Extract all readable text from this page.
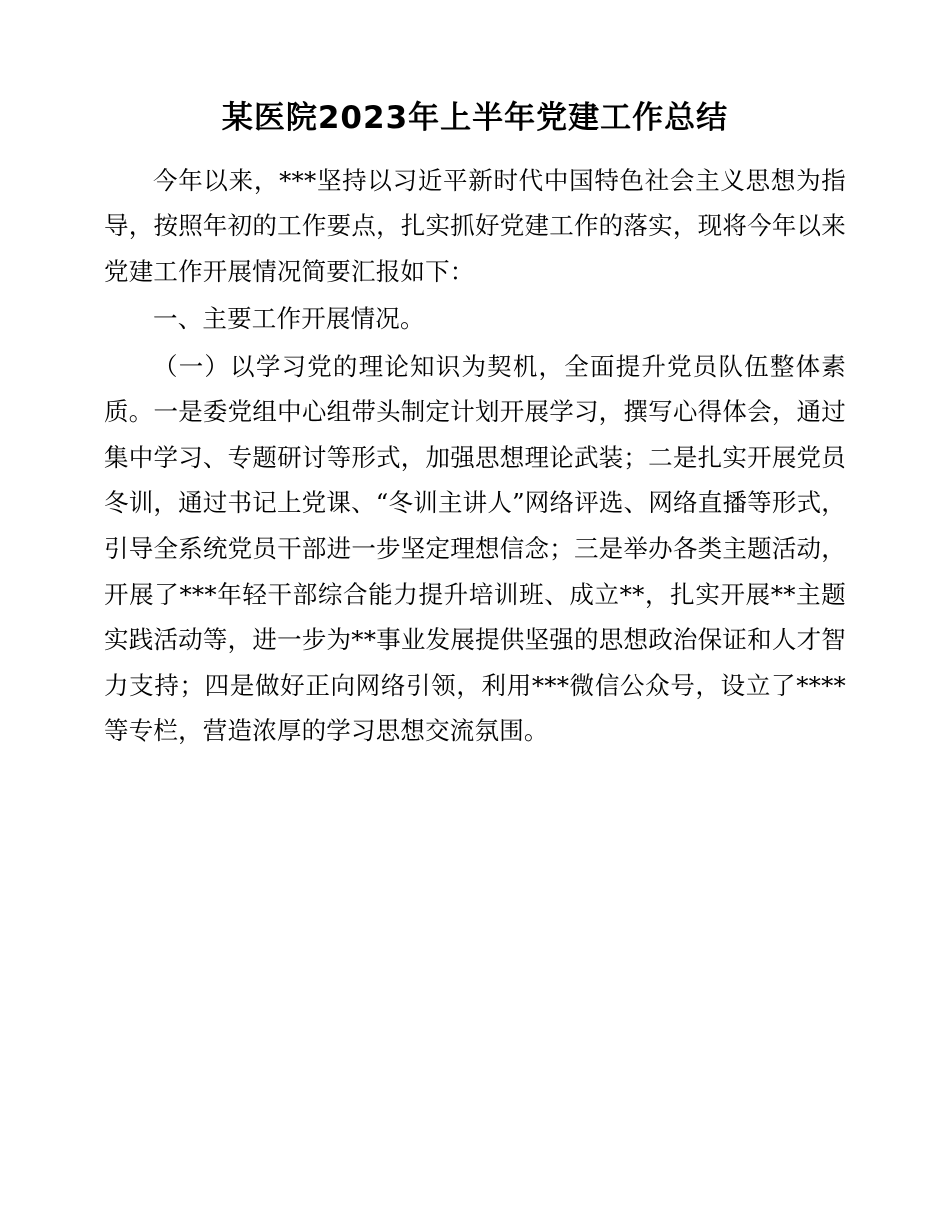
某医院2023年上半年党建工作总结

今年以来，***坚持以习近平新时代中国特色社会主义思想为指导，按照年初的工作要点，扎实抓好党建工作的落实，现将今年以来党建工作开展情况简要汇报如下：

一、主要工作开展情况。

（一）以学习党的理论知识为契机，全面提升党员队伍整体素质。一是委党组中心组带头制定计划开展学习，撰写心得体会，通过集中学习、专题研讨等形式，加强思想理论武装；二是扎实开展党员冬训，通过书记上党课、“冬训主讲人”网络评选、网络直播等形式，引导全系统党员干部进一步坚定理想信念；三是举办各类主题活动，开展了***年轻干部综合能力提升培训班、成立**，扎实开展**主题实践活动等，进一步为**事业发展提供坚强的思想政治保证和人才智力支持；四是做好正向网络引领，利用***微信公众号，设立了****等专栏，营造浓厚的学习思想交流氛围。
